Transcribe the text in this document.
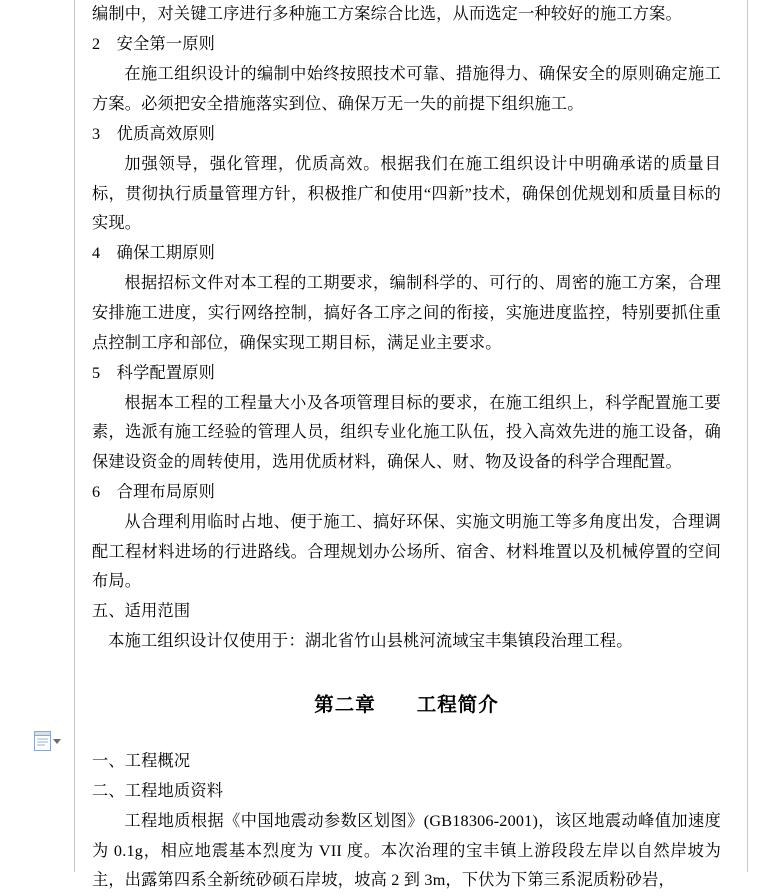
编制中，对关键工序进行多种施工方案综合比选，从而选定一种较好的施工方案。

2　安全第一原则

在施工组织设计的编制中始终按照技术可靠、措施得力、确保安全的原则确定施工方案。必须把安全措施落实到位、确保万无一失的前提下组织施工。

3　优质高效原则

加强领导，强化管理，优质高效。根据我们在施工组织设计中明确承诺的质量目标，贯彻执行质量管理方针，积极推广和使用“四新”技术，确保创优规划和质量目标的实现。

4　确保工期原则

根据招标文件对本工程的工期要求，编制科学的、可行的、周密的施工方案，合理安排施工进度，实行网络控制，搞好各工序之间的衔接，实施进度监控，特别要抓住重点控制工序和部位，确保实现工期目标，满足业主要求。

5　科学配置原则

根据本工程的工程量大小及各项管理目标的要求，在施工组织上，科学配置施工要素，选派有施工经验的管理人员，组织专业化施工队伍，投入高效先进的施工设备，确保建设资金的周转使用，选用优质材料，确保人、财、物及设备的科学合理配置。

6　合理布局原则

从合理利用临时占地、便于施工、搞好环保、实施文明施工等多角度出发，合理调配工程材料进场的行进路线。合理规划办公场所、宿舍、材料堆置以及机械停置的空间布局。

五、适用范围

本施工组织设计仅使用于：湖北省竹山县桃河流域宝丰集镇段治理工程。

第二章　　工程简介

一、工程概况

二、工程地质资料

工程地质根据《中国地震动参数区划图》(GB18306-2001)，该区地震动峰值加速度为 0.1g，相应地震基本烈度为 VII 度。本次治理的宝丰镇上游段段左岸以自然岸坡为主，出露第四系全新统砂硕石岸坡，坡高 2 到 3m，下伏为下第三系泥质粉砂岩，
